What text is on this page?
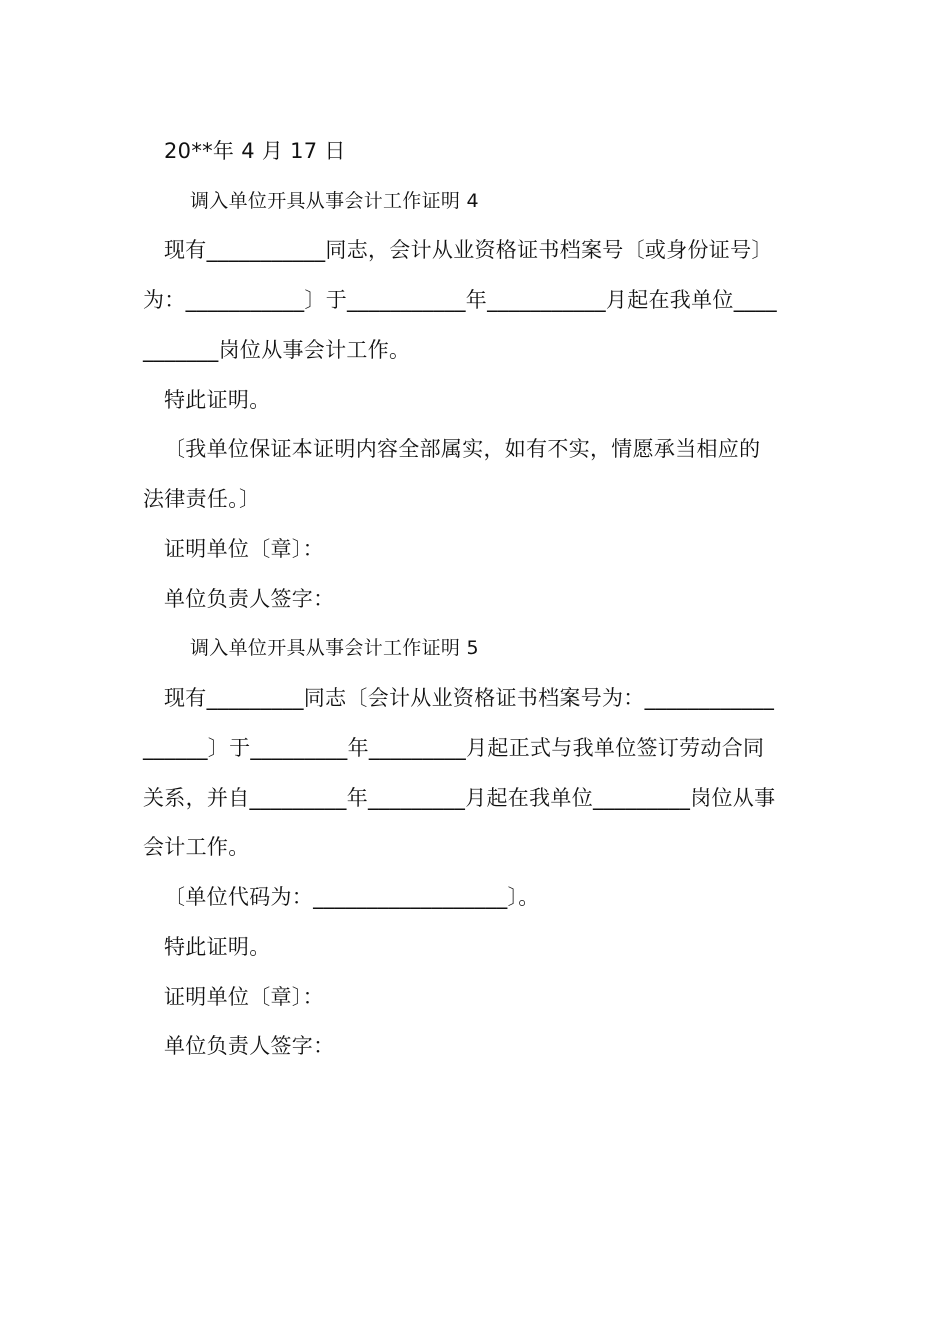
20**年 4 月 17 日
调入单位开具从事会计工作证明 4
现有___________同志，会计从业资格证书档案号〔或身份证号〕
为：___________〕于___________年___________月起在我单位____
_______岗位从事会计工作。
特此证明。
〔我单位保证本证明内容全部属实，如有不实，情愿承当相应的
法律责任。〕
证明单位〔章〕：
单位负责人签字：
调入单位开具从事会计工作证明 5
现有_________同志〔会计从业资格证书档案号为：____________
______〕于_________年_________月起正式与我单位签订劳动合同
关系，并自_________年_________月起在我单位_________岗位从事
会计工作。
〔单位代码为：__________________〕。
特此证明。
证明单位〔章〕：
单位负责人签字：
